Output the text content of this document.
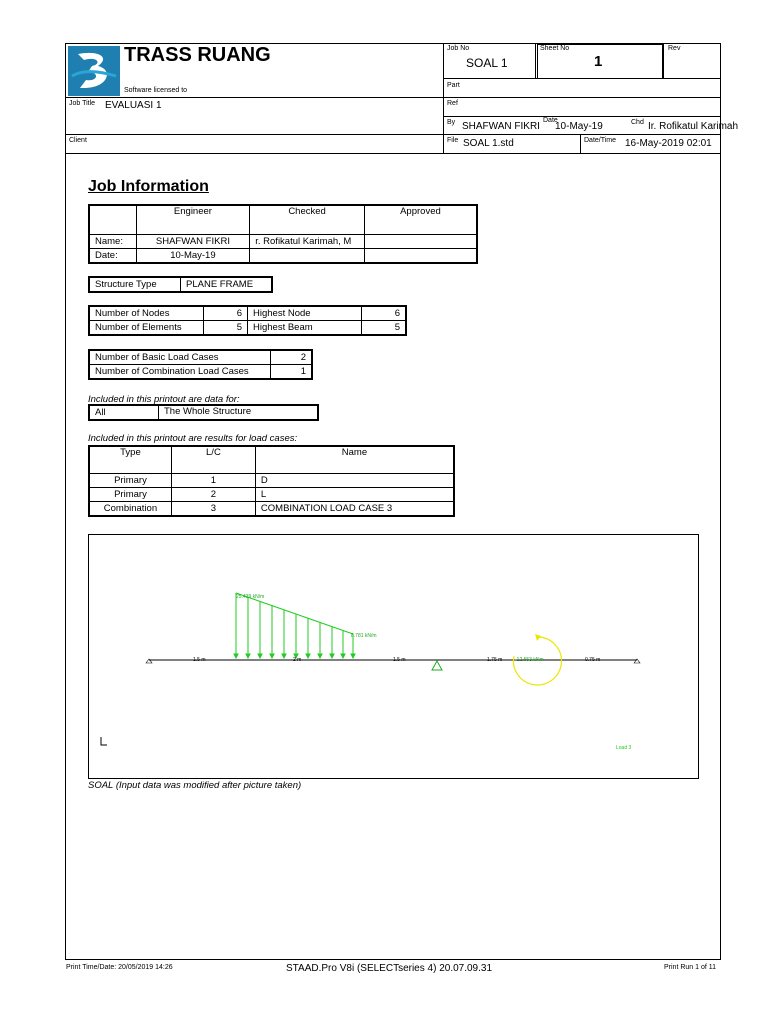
TRASS RUANG
Software licensed to
Job No
SOAL 1
Sheet No
1
Rev
Part
Job Title EVALUASI 1	Ref
By SHAFWAN FIKRI
Date
10-May-19	Chd Ir. Rofikatul Karimah
Client	File SOAL 1.std	Date/Time 16-May-2019 02:01
Job Information
	Engineer	Checked	Approved
Name:	SHAFWAN FIKRI	r. Rofikatul Karimah, M	
Date:	10-May-19		
Structure Type	PLANE FRAME
Number of Nodes	6	Highest Node	6
Number of Elements	5	Highest Beam	5
Number of Basic Load Cases	2
Number of Combination Load Cases	1
Included in this printout are data for:
All	The Whole Structure
Included in this printout are results for load cases:
Type	L/C	Name
Primary	1	D
Primary	2	L
Combination	3	COMBINATION LOAD CASE 3
25.439 kN/m
8.781 kN/m
-12.553 kNm
1.5 m	2 m	1.5 m	1.75 m	0.75 m
Load 3
SOAL (Input data was modified after picture taken)
Print Time/Date: 20/05/2019 14:26	STAAD.Pro V8i (SELECTseries 4) 20.07.09.31	Print Run 1 of 11
